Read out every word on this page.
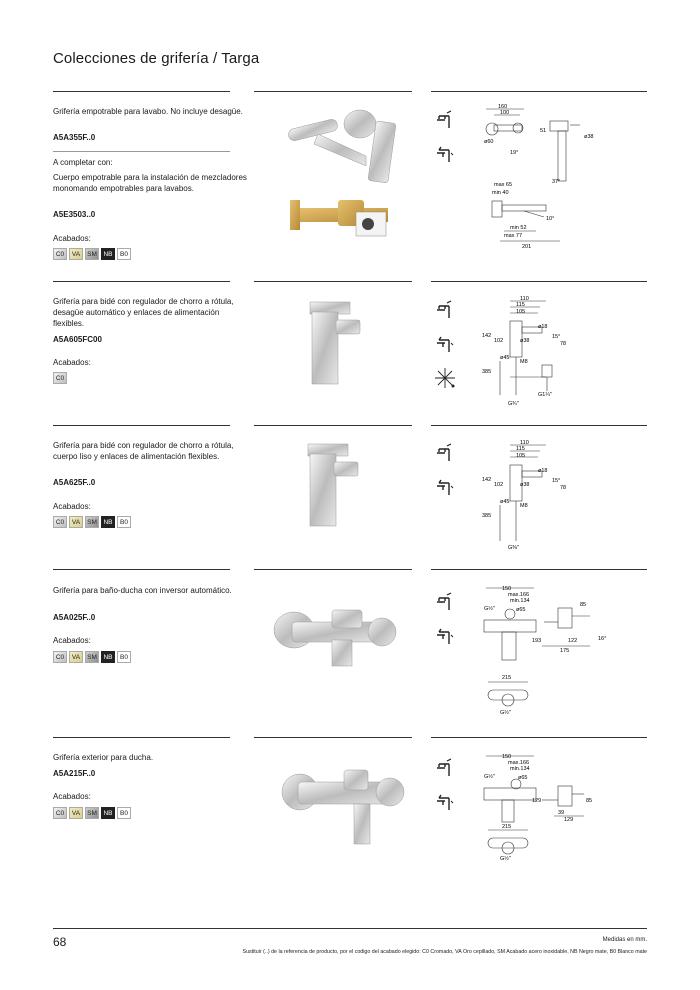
Colecciones de grifería / Targa
Grifería empotrable para lavabo. No incluye desagüe.
A5A355F..0
A completar con:
Cuerpo empotrable para la instalación de mezcladores monomando empotrables para lavabos.
A5E3503..0
Acabados:
C0	VA	SM	NB	B0
160
100
51
ø38
ø60
19°
37°
max 65
min 40
10°
min 52
max 77
201
Grifería para bidé con regulador de chorro a rótula, desagüe automático y enlaces de alimentación flexibles.
A5A605FC00
Acabados:
C0
110
115
105
142
ø18
102	ø38
15°
78
ø45
M8
385
G¾"
G1¼"
Grifería para bidé con regulador de chorro a rótula, cuerpo liso y enlaces de alimentación flexibles.
A5A625F..0
Acabados:
C0	VA	SM	NB	B0
110
115
105
142
ø18
102	ø38
15°
78
ø45
M8
385
G⅜"
Grifería para baño-ducha con inversor automático.
A5A025F..0
Acabados:
C0	VA	SM	NB	B0
150
max.166
min.134
G½"	ø65
85
193	122	16°
175
215
G½"
Grifería exterior para ducha.
A5A215F..0
Acabados:
C0	VA	SM	NB	B0
150
max.166
min.134
G½"	ø65
129	85
39
129
215
G½"
68	Medidas en mm.
Sustituir (..) de la referencia de producto, por el codigo del acabado elegido: C0 Cromado, VA Oro cepillado, SM Acabado acero inoxidable, NB Negro mate, B0 Blanco mate
